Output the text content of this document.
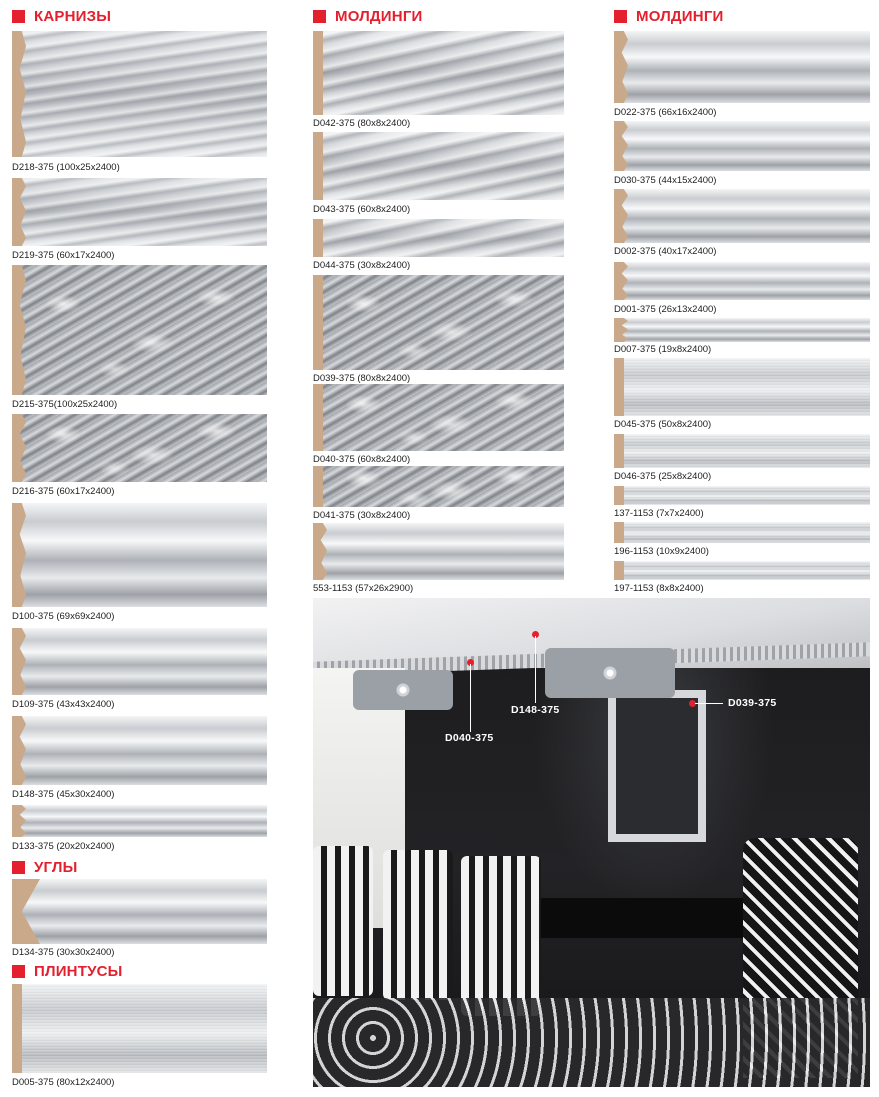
КАРНИЗЫ	МОЛДИНГИ	МОЛДИНГИ
УГЛЫ
ПЛИНТУСЫ
D218-375 (100x25x2400)
D219-375 (60x17x2400)
D215-375(100x25x2400)
D216-375 (60x17x2400)
D100-375 (69x69x2400)
D109-375 (43x43x2400)
D148-375 (45x30x2400)
D133-375 (20x20x2400)
D134-375 (30x30x2400)
D005-375 (80x12x2400)
D042-375 (80x8x2400)
D043-375 (60x8x2400)
D044-375 (30x8x2400)
D039-375 (80x8x2400)
D040-375 (60x8x2400)
D041-375 (30x8x2400)
553-1153 (57x26x2900)
D022-375 (66x16x2400)
D030-375 (44x15x2400)
D002-375 (40x17x2400)
D001-375 (26x13x2400)
D007-375 (19x8x2400)
D045-375 (50x8x2400)
D046-375 (25x8x2400)
137-1153 (7x7x2400)
196-1153 (10x9x2400)
197-1153 (8x8x2400)
D040-375
D148-375
D039-375
